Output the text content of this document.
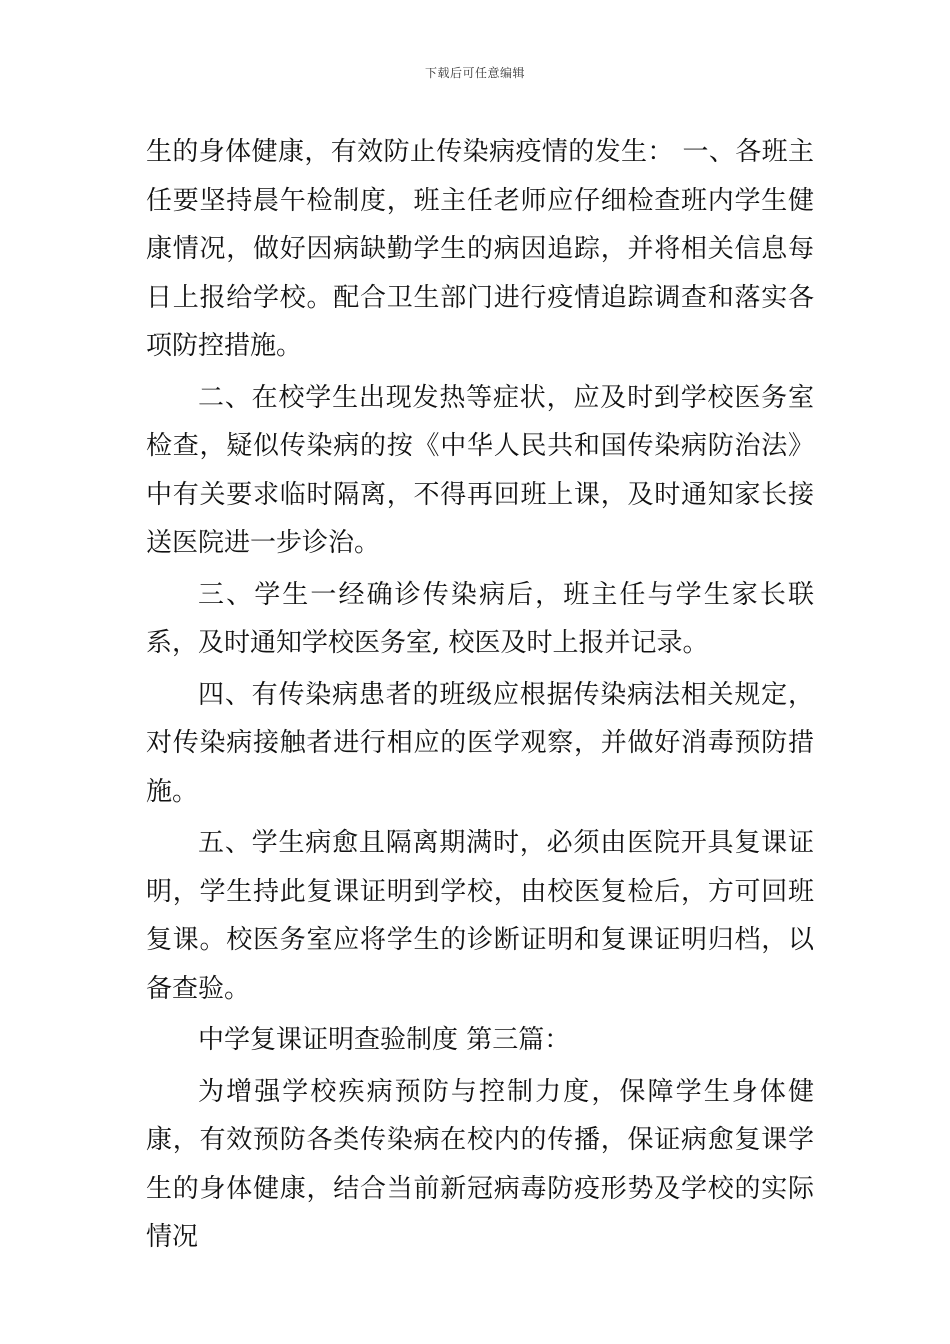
下载后可任意编辑

生的身体健康，有效防止传染病疫情的发生： 一、各班主任要坚持晨午检制度，班主任老师应仔细检查班内学生健康情况，做好因病缺勤学生的病因追踪，并将相关信息每日上报给学校。配合卫生部门进行疫情追踪调查和落实各项防控措施。

二、在校学生出现发热等症状，应及时到学校医务室检查，疑似传染病的按《中华人民共和国传染病防治法》中有关要求临时隔离，不得再回班上课，及时通知家长接送医院进一步诊治。

三、学生一经确诊传染病后，班主任与学生家长联系，及时通知学校医务室, 校医及时上报并记录。

四、有传染病患者的班级应根据传染病法相关规定，对传染病接触者进行相应的医学观察，并做好消毒预防措施。

五、学生病愈且隔离期满时，必须由医院开具复课证明，学生持此复课证明到学校，由校医复检后，方可回班复课。校医务室应将学生的诊断证明和复课证明归档，以备查验。

中学复课证明查验制度 第三篇：

为增强学校疾病预防与控制力度，保障学生身体健康，有效预防各类传染病在校内的传播，保证病愈复课学生的身体健康，结合当前新冠病毒防疫形势及学校的实际情况
